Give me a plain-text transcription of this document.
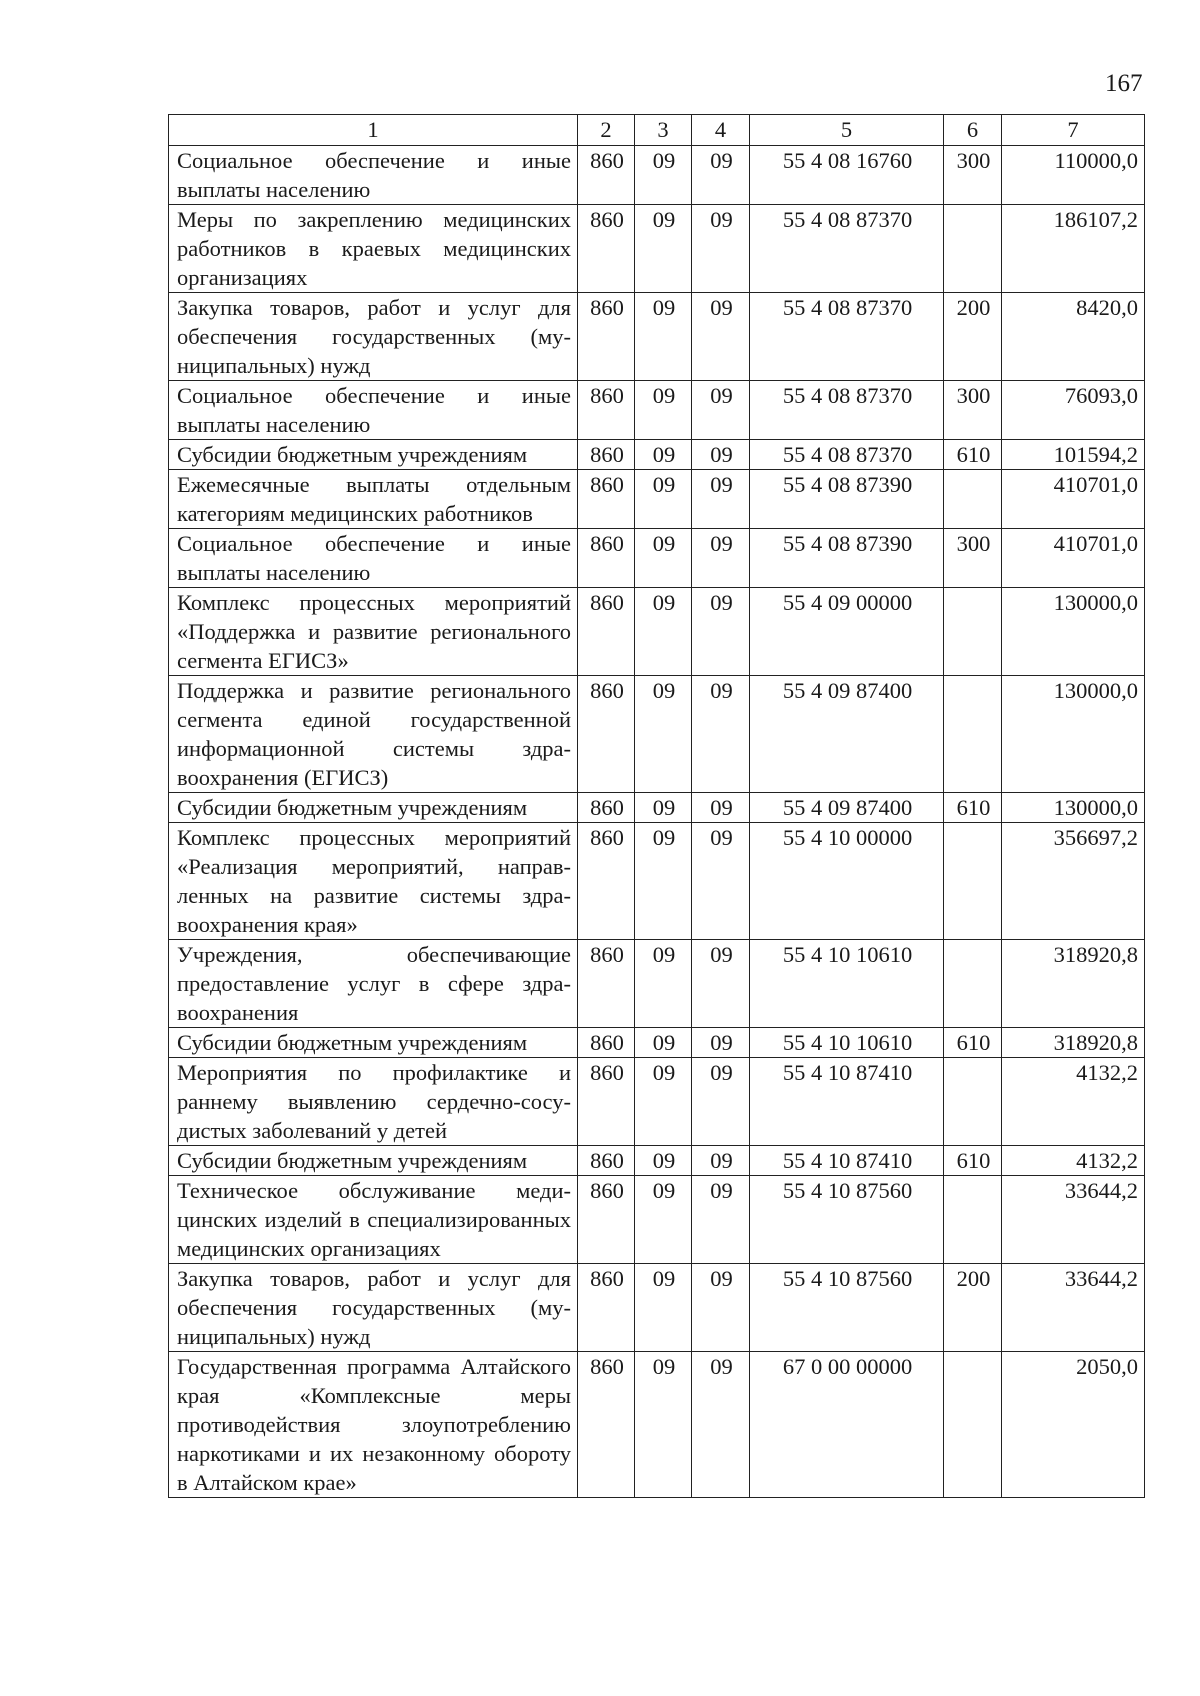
167
1	2	3	4	5	6	7
Социальное обеспечение и иные выплаты населению	860	09	09	55 4 08 16760	300	110000,0
Меры по закреплению медицинских работников в краевых медицинских организациях	860	09	09	55 4 08 87370		186107,2
Закупка товаров, работ и услуг для обеспечения государственных (муниципальных) нужд	860	09	09	55 4 08 87370	200	8420,0
Социальное обеспечение и иные выплаты населению	860	09	09	55 4 08 87370	300	76093,0
Субсидии бюджетным учреждениям	860	09	09	55 4 08 87370	610	101594,2
Ежемесячные выплаты отдельным категориям медицинских работников	860	09	09	55 4 08 87390		410701,0
Социальное обеспечение и иные выплаты населению	860	09	09	55 4 08 87390	300	410701,0
Комплекс процессных мероприятий «Поддержка и развитие регионального сегмента ЕГИСЗ»	860	09	09	55 4 09 00000		130000,0
Поддержка и развитие регионального сегмента единой государственной информационной системы здравоохранения (ЕГИСЗ)	860	09	09	55 4 09 87400		130000,0
Субсидии бюджетным учреждениям	860	09	09	55 4 09 87400	610	130000,0
Комплекс процессных мероприятий «Реализация мероприятий, направленных на развитие системы здравоохранения края»	860	09	09	55 4 10 00000		356697,2
Учреждения, обеспечивающие предоставление услуг в сфере здравоохранения	860	09	09	55 4 10 10610		318920,8
Субсидии бюджетным учреждениям	860	09	09	55 4 10 10610	610	318920,8
Мероприятия по профилактике и раннему выявлению сердечно-сосудистых заболеваний у детей	860	09	09	55 4 10 87410		4132,2
Субсидии бюджетным учреждениям	860	09	09	55 4 10 87410	610	4132,2
Техническое обслуживание медицинских изделий в специализированных медицинских организациях	860	09	09	55 4 10 87560		33644,2
Закупка товаров, работ и услуг для обеспечения государственных (муниципальных) нужд	860	09	09	55 4 10 87560	200	33644,2
Государственная программа Алтайского края «Комплексные меры противодействия злоупотреблению наркотиками и их незаконному обороту в Алтайском крае»	860	09	09	67 0 00 00000		2050,0
